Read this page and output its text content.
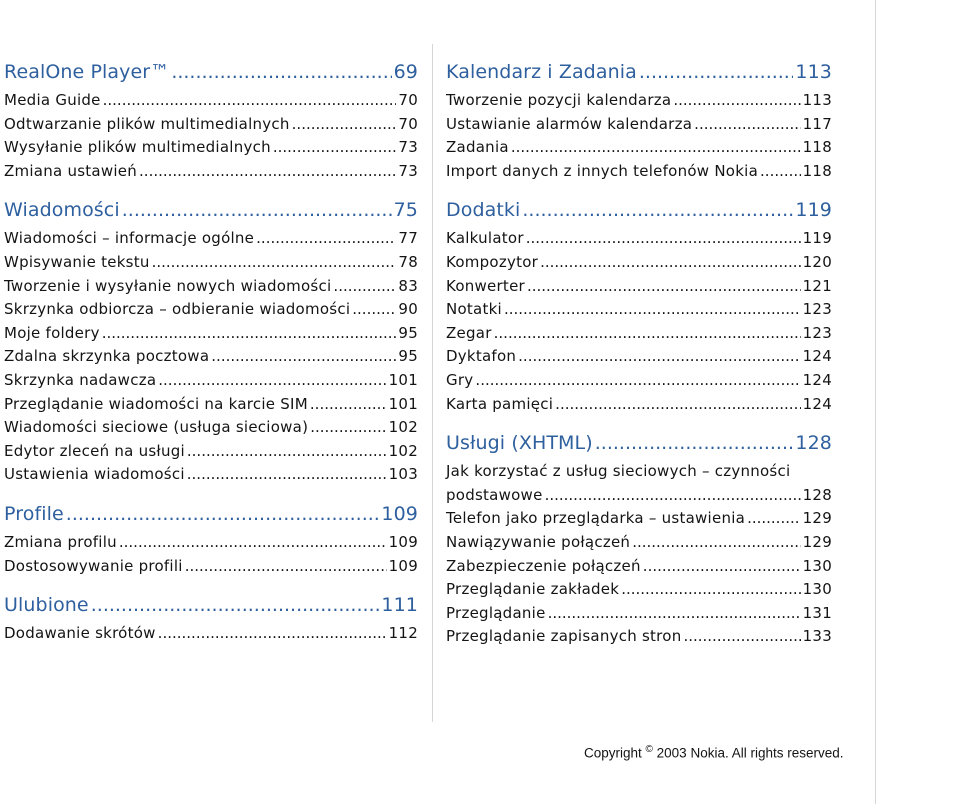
RealOne Player™ .....	69
Media Guide .....	70
Odtwarzanie plików multimedialnych .....	70
Wysyłanie plików multimedialnych .....	73
Zmiana ustawień .....	73
Wiadomości .....	75
Wiadomości – informacje ogólne .....	77
Wpisywanie tekstu .....	78
Tworzenie i wysyłanie nowych wiadomości .....	83
Skrzynka odbiorcza – odbieranie wiadomości .....	90
Moje foldery .....	95
Zdalna skrzynka pocztowa .....	95
Skrzynka nadawcza .....	101
Przeglądanie wiadomości na karcie SIM .....	101
Wiadomości sieciowe (usługa sieciowa) .....	102
Edytor zleceń na usługi .....	102
Ustawienia wiadomości .....	103
Profile .....	109
Zmiana profilu .....	109
Dostosowywanie profili .....	109
Ulubione .....	111
Dodawanie skrótów .....	112
Kalendarz i Zadania .....	113
Tworzenie pozycji kalendarza .....	113
Ustawianie alarmów kalendarza .....	117
Zadania .....	118
Import danych z innych telefonów Nokia .....	118
Dodatki .....	119
Kalkulator .....	119
Kompozytor .....	120
Konwerter .....	121
Notatki .....	123
Zegar .....	123
Dyktafon .....	124
Gry .....	124
Karta pamięci .....	124
Usługi (XHTML) .....	128
Jak korzystać z usług sieciowych – czynności
podstawowe .....	128
Telefon jako przeglądarka – ustawienia .....	129
Nawiązywanie połączeń .....	129
Zabezpieczenie połączeń .....	130
Przeglądanie zakładek .....	130
Przeglądanie .....	131
Przeglądanie zapisanych stron .....	133
Copyright © 2003 Nokia. All rights reserved.
